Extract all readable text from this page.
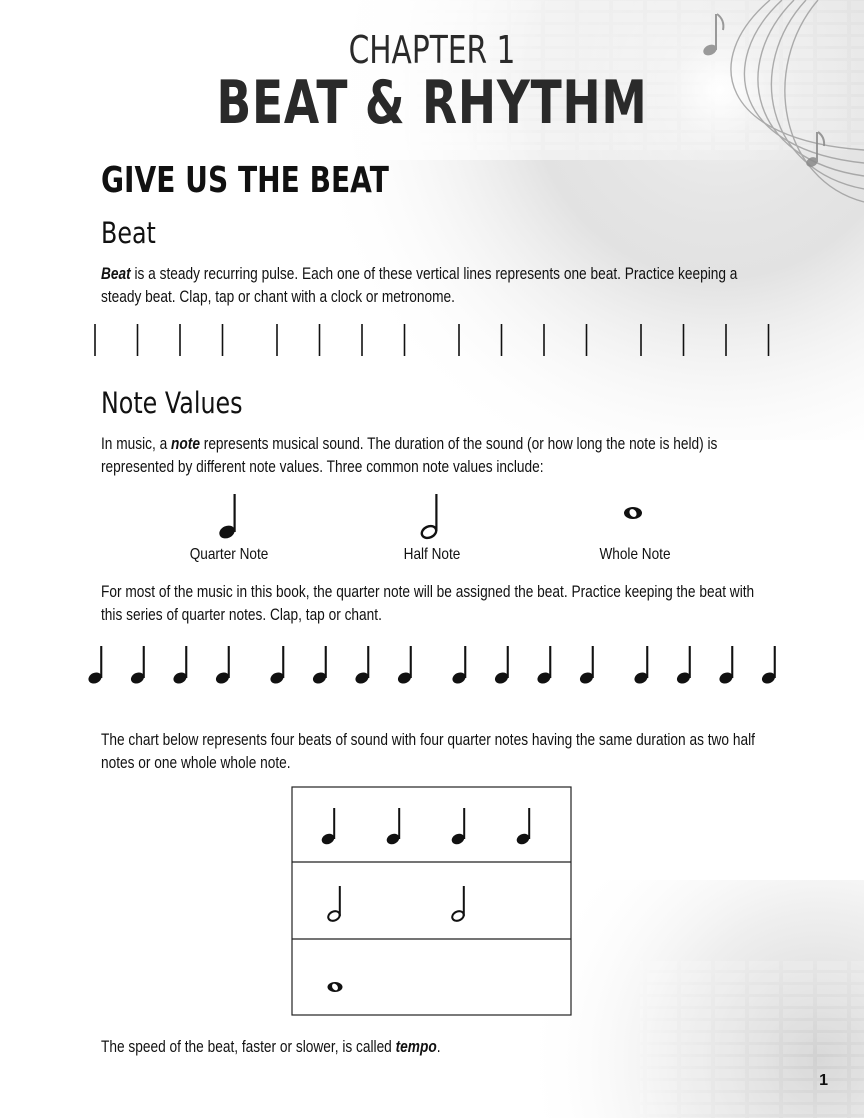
CHAPTER 1
BEAT & RHYTHM
GIVE US THE BEAT
Beat
Beat is a steady recurring pulse. Each one of these vertical lines represents one beat. Practice keeping a steady beat. Clap, tap or chant with a clock or metronome.
Note Values
In music, a note represents musical sound. The duration of the sound (or how long the note is held) is represented by different note values. Three common note values include:
Quarter Note	Half Note	Whole Note
For most of the music in this book, the quarter note will be assigned the beat. Practice keeping the beat with this series of quarter notes. Clap, tap or chant.
The chart below represents four beats of sound with four quarter notes having the same duration as two half notes or one whole whole note.
The speed of the beat, faster or slower, is called tempo.
1
